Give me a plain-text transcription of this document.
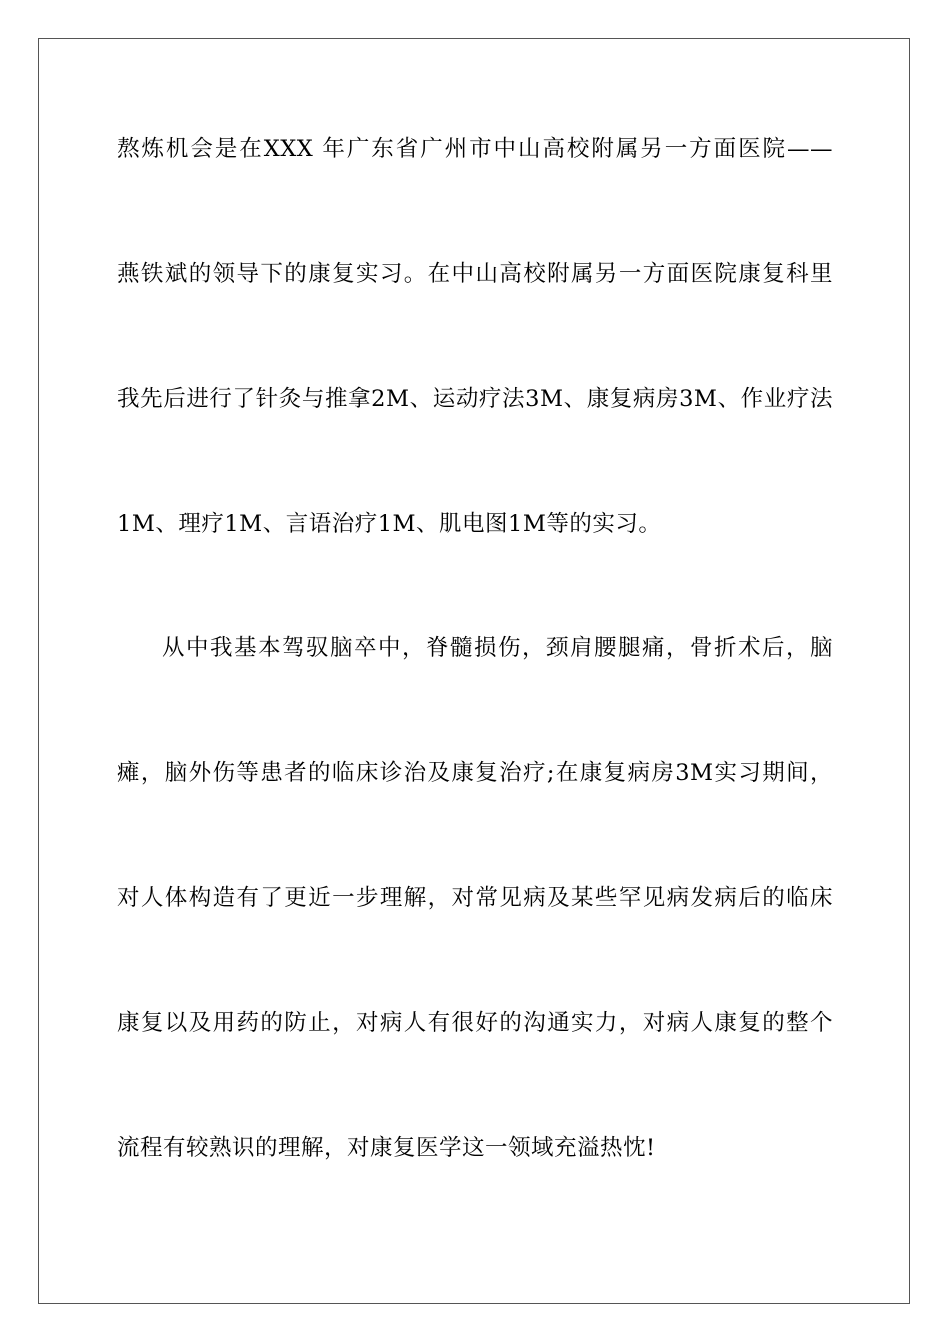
熬炼机会是在XXX 年广东省广州市中山高校附属另一方面医院——
燕铁斌的领导下的康复实习。在中山高校附属另一方面医院康复科里
我先后进行了针灸与推拿2M、运动疗法3M、康复病房3M、作业疗法
1M、理疗1M、言语治疗1M、肌电图1M等的实习。
从中我基本驾驭脑卒中，脊髓损伤，颈肩腰腿痛，骨折术后，脑
瘫，脑外伤等患者的临床诊治及康复治疗;在康复病房3M实习期间，
对人体构造有了更近一步理解，对常见病及某些罕见病发病后的临床
康复以及用药的防止，对病人有很好的沟通实力，对病人康复的整个
流程有较熟识的理解，对康复医学这一领域充溢热忱!
